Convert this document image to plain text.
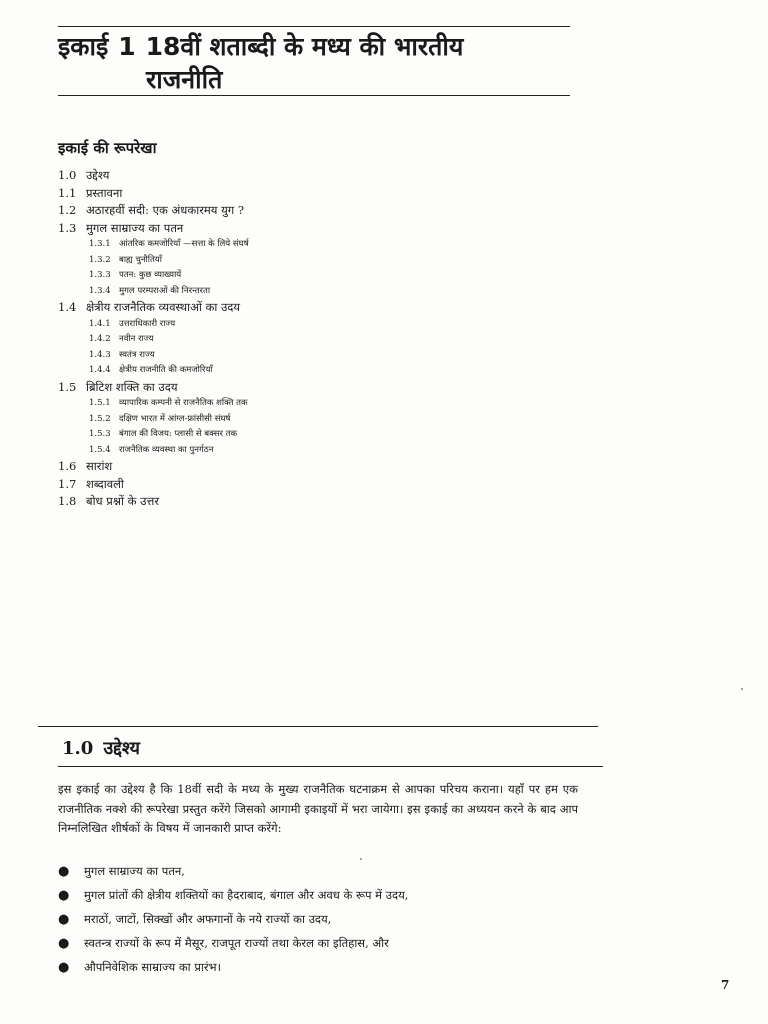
इकाई 1 18वीं शताब्दी के मध्य की भारतीय
राजनीति
इकाई की रूपरेखा
1.0 उद्देश्य
1.1 प्रस्तावना
1.2 अठारहवीं सदी: एक अंधकारमय युग ?
1.3 मुगल साम्राज्य का पतन
1.3.1 आंतरिक कमजोरियाँ —सत्ता के लिये संघर्ष
1.3.2 बाह्य चुनौतियाँ
1.3.3 पतन: कुछ व्याख्यायें
1.3.4 मुगल परम्पराओं की निरन्तरता
1.4 क्षेत्रीय राजनैतिक व्यवस्थाओं का उदय
1.4.1 उत्तराधिकारी राज्य
1.4.2 नवीन राज्य
1.4.3 स्वतंत्र राज्य
1.4.4 क्षेत्रीय राजनीति की कमजोरियाँ
1.5 ब्रिटिश शक्ति का उदय
1.5.1 व्यापारिक कम्पनी से राजनैतिक शक्ति तक
1.5.2 दक्षिण भारत में आंग्ल-फ्रांसीसी संघर्ष
1.5.3 बंगाल की विजय: प्लासी से बक्सर तक
1.5.4 राजनैतिक व्यवस्था का पुनर्गठन
1.6 सारांश
1.7 शब्दावली
1.8 बोध प्रश्नों के उत्तर
1.0 उद्देश्य
इस इकाई का उद्देश्य है कि 18वीं सदी के मध्य के मुख्य राजनैतिक घटनाक्रम से आपका परिचय कराना। यहाँ पर हम एक राजनीतिक नक्शे की रूपरेखा प्रस्तुत करेंगे जिसको आगामी इकाइयों में भरा जायेगा। इस इकाई का अध्ययन करने के बाद आप निम्नलिखित शीर्षकों के विषय में जानकारी प्राप्त करेंगे:
●	मुगल साम्राज्य का पतन,
●	मुगल प्रांतों की क्षेत्रीय शक्तियों का हैदराबाद, बंगाल और अवध के रूप में उदय,
●	मराठों, जाटों, सिक्खों और अफगानों के नये राज्यों का उदय,
●	स्वतन्त्र राज्यों के रूप में मैसूर, राजपूत राज्यों तथा केरल का इतिहास, और
●	औपनिवेशिक साम्राज्य का प्रारंभ।
7
